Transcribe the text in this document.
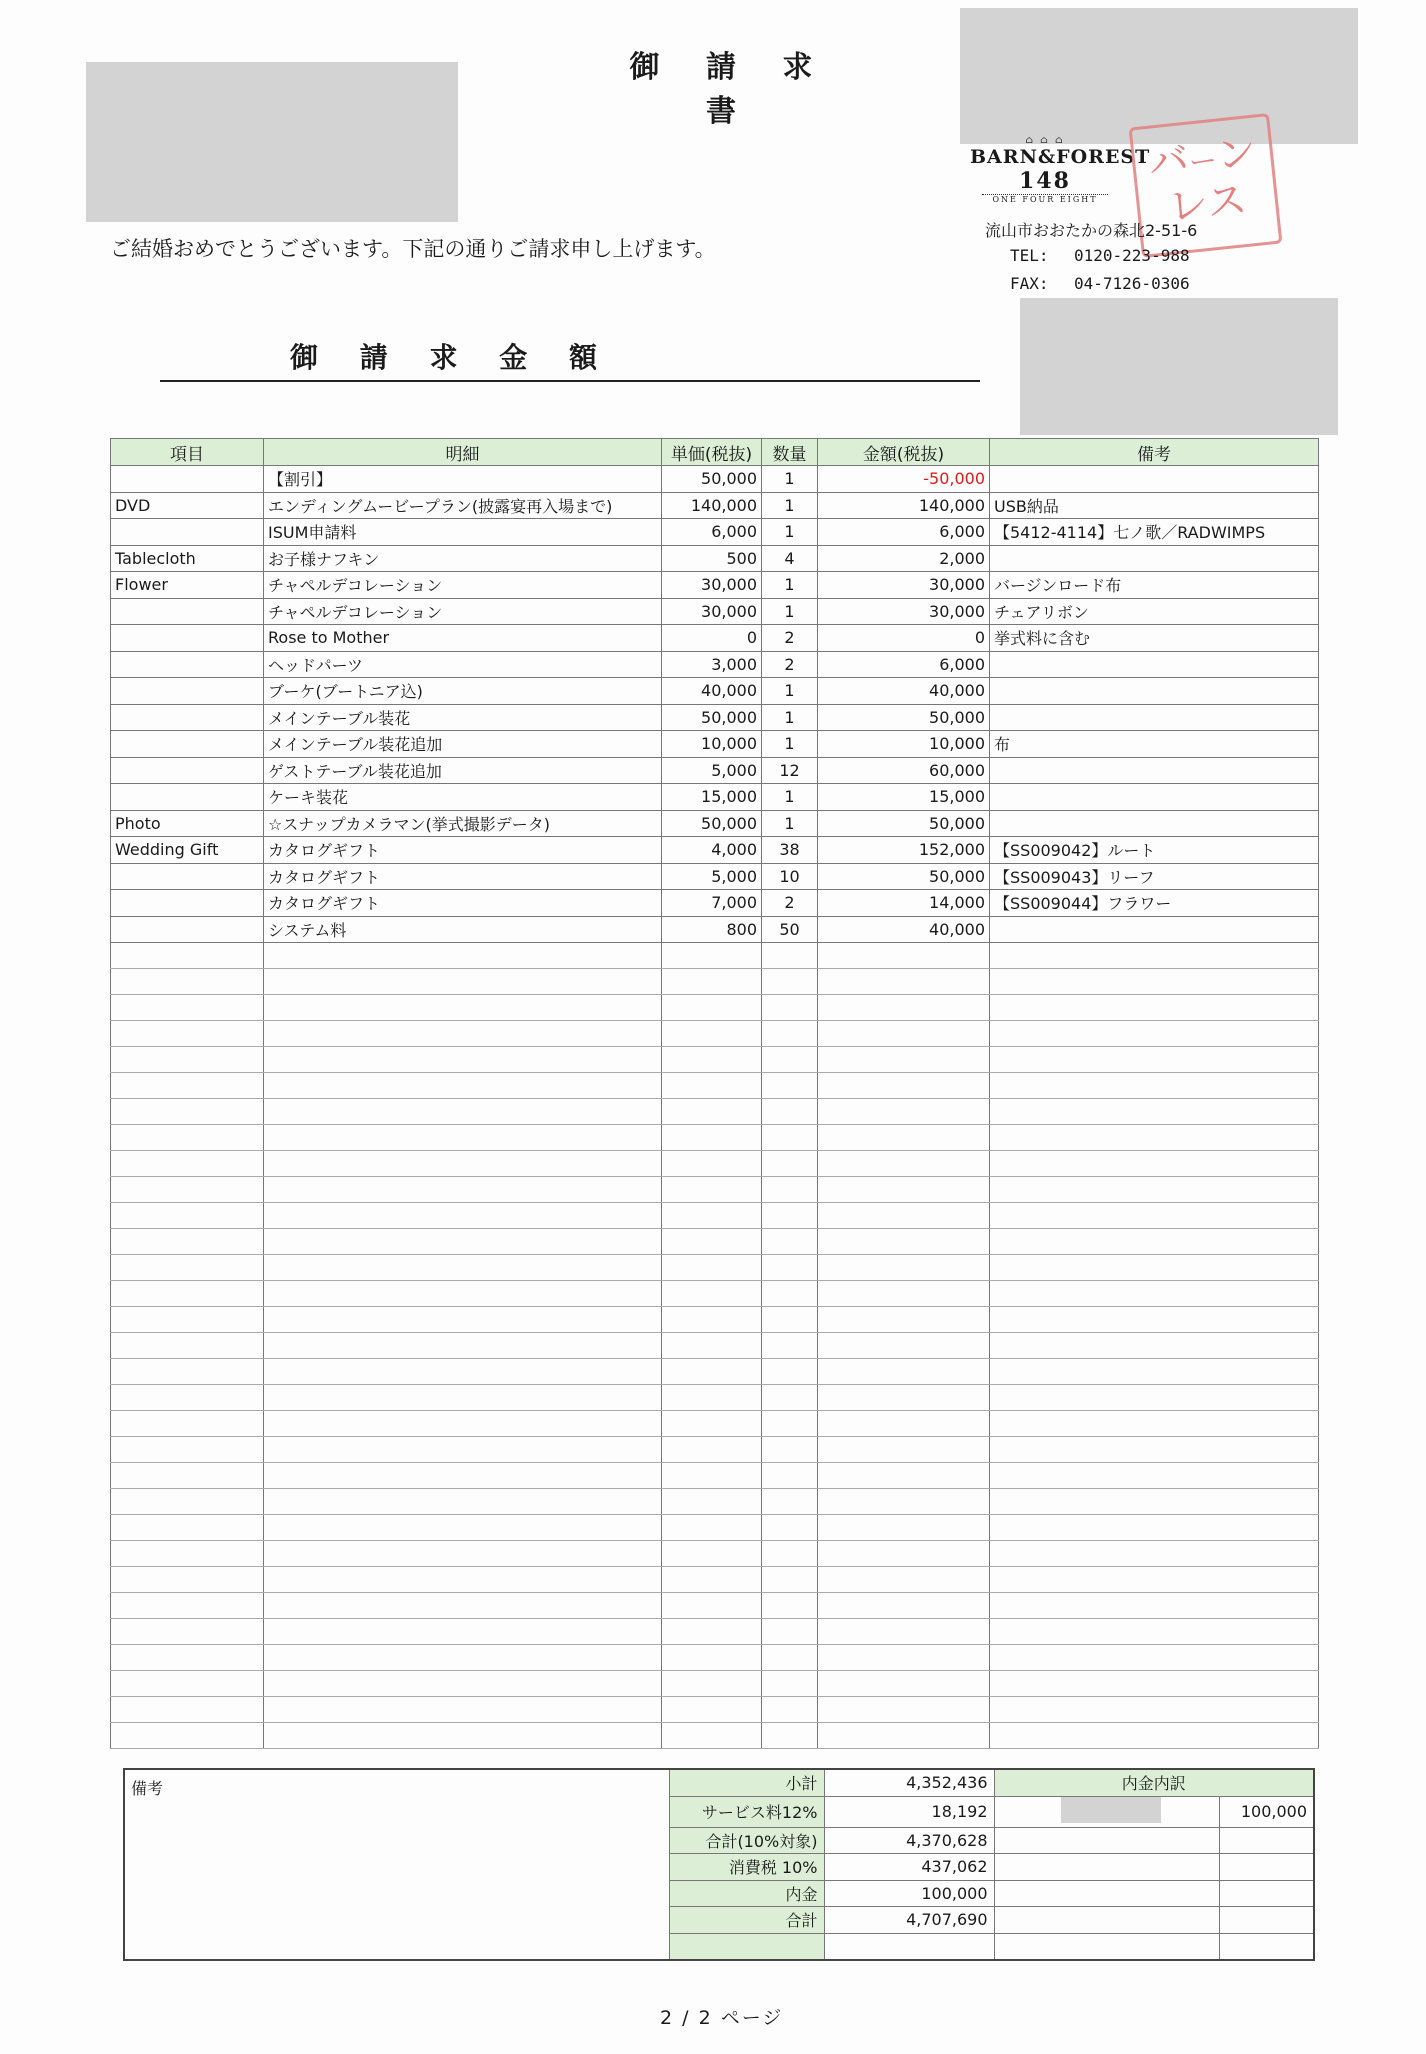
御 請 求 書
⌂ ⌂ ⌂
BARN&FOREST
148
ONE FOUR EIGHT
バーン
レス
流山市おおたかの森北2-51-6
TEL: 0120-223-988
FAX: 04-7126-0306
ご結婚おめでとうございます。下記の通りご請求申し上げます。
御 請 求 金 額
項目	明細	単価(税抜)	数量	金額(税抜)	備考
	【割引】	50,000	1	-50,000	
DVD	エンディングムービープラン(披露宴再入場まで)	140,000	1	140,000	USB納品
	ISUM申請料	6,000	1	6,000	【5412-4114】七ノ歌／RADWIMPS
Tablecloth	お子様ナフキン	500	4	2,000	
Flower	チャペルデコレーション	30,000	1	30,000	バージンロード布
	チャペルデコレーション	30,000	1	30,000	チェアリボン
	Rose to Mother	0	2	0	挙式料に含む
	ヘッドパーツ	3,000	2	6,000	
	ブーケ(ブートニア込)	40,000	1	40,000	
	メインテーブル装花	50,000	1	50,000	
	メインテーブル装花追加	10,000	1	10,000	布
	ゲストテーブル装花追加	5,000	12	60,000	
	ケーキ装花	15,000	1	15,000	
Photo	☆スナップカメラマン(挙式撮影データ)	50,000	1	50,000	
Wedding Gift	カタログギフト	4,000	38	152,000	【SS009042】ルート
	カタログギフト	5,000	10	50,000	【SS009043】リーフ
	カタログギフト	7,000	2	14,000	【SS009044】フラワー
	システム料	800	50	40,000	

備考	小計	4,352,436	内金内訳	
	サービス料12%	18,192		100,000
	合計(10%対象)	4,370,628		
	消費税 10%	437,062		
	内金	100,000		
	合計	4,707,690		

2 / 2 ページ
